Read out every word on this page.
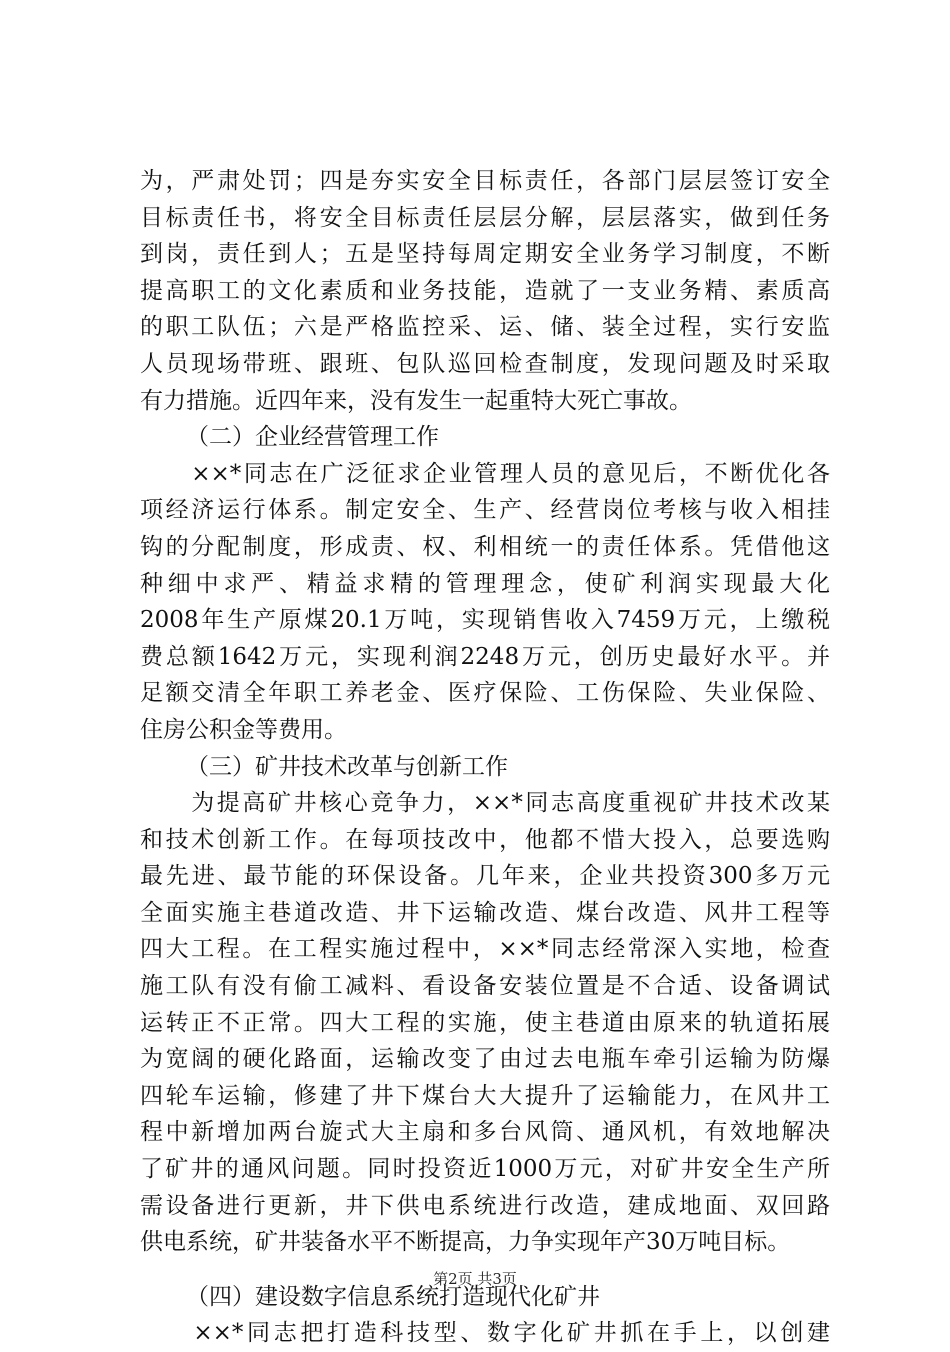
为，严肃处罚；四是夯实安全目标责任，各部门层层签订安全
目标责任书，将安全目标责任层层分解，层层落实，做到任务
到岗，责任到人；五是坚持每周定期安全业务学习制度，不断
提高职工的文化素质和业务技能，造就了一支业务精、素质高
的职工队伍；六是严格监控采、运、储、装全过程，实行安监
人员现场带班、跟班、包队巡回检查制度，发现问题及时采取
有力措施。近四年来，没有发生一起重特大死亡事故。
（二）企业经营管理工作
　　××*同志在广泛征求企业管理人员的意见后，不断优化各
项经济运行体系。制定安全、生产、经营岗位考核与收入相挂
钩的分配制度，形成责、权、利相统一的责任体系。凭借他这
种细中求严、精益求精的管理理念，使矿利润实现最大化
2008年生产原煤20.1万吨，实现销售收入7459万元，上缴税
费总额1642万元，实现利润2248万元，创历史最好水平。并
足额交清全年职工养老金、医疗保险、工伤保险、失业保险、
住房公积金等费用。
（三）矿井技术改革与创新工作
　　为提高矿井核心竞争力，××*同志高度重视矿井技术改某
和技术创新工作。在每项技改中，他都不惜大投入，总要选购
最先进、最节能的环保设备。几年来，企业共投资300多万元
全面实施主巷道改造、井下运输改造、煤台改造、风井工程等
四大工程。在工程实施过程中，××*同志经常深入实地，检查
施工队有没有偷工减料、看设备安装位置是不合适、设备调试
运转正不正常。四大工程的实施，使主巷道由原来的轨道拓展
为宽阔的硬化路面，运输改变了由过去电瓶车牵引运输为防爆
四轮车运输，修建了井下煤台大大提升了运输能力，在风井工
程中新增加两台旋式大主扇和多台风筒、通风机，有效地解决
了矿井的通风问题。同时投资近1000万元，对矿井安全生产所
需设备进行更新，井下供电系统进行改造，建成地面、双回路
供电系统，矿井装备水平不断提高，力争实现年产30万吨目标。
（四）建设数字信息系统打造现代化矿井
　　××*同志把打造科技型、数字化矿井抓在手上，以创建
第2页 共3页
